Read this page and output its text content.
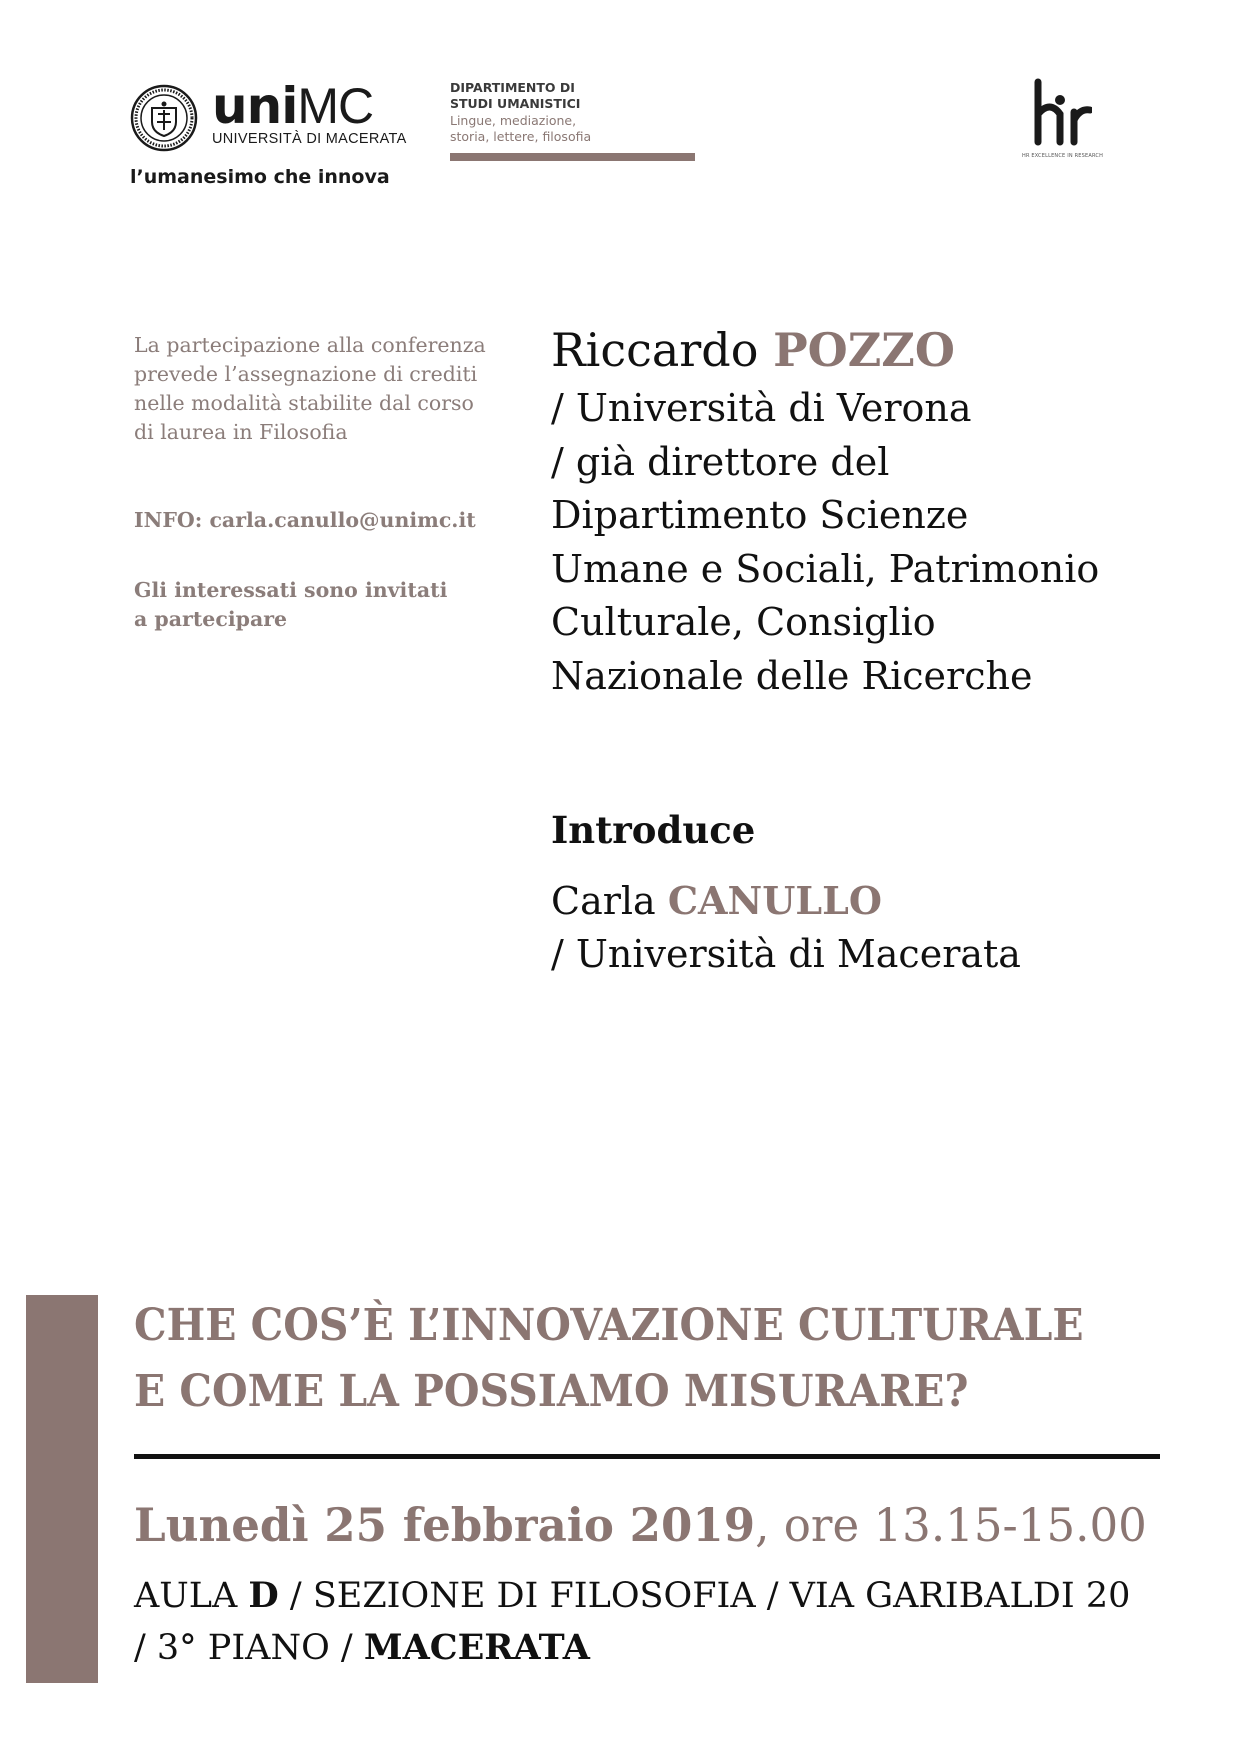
uniMC
UNIVERSITÀ DI MACERATA
l’umanesimo che innova
DIPARTIMENTO DI
STUDI UMANISTICI
Lingue, mediazione,
storia, lettere, filosofia
HR EXCELLENCE IN RESEARCH
La partecipazione alla conferenza prevede l’assegnazione di crediti nelle modalità stabilite dal corso di laurea in Filosofia
INFO: carla.canullo@unimc.it
Gli interessati sono invitati a partecipare
Riccardo POZZO
/ Università di Verona
/ già direttore del
Dipartimento Scienze
Umane e Sociali, Patrimonio
Culturale, Consiglio
Nazionale delle Ricerche
Introduce
Carla CANULLO
/ Università di Macerata
CHE COS’È L’INNOVAZIONE CULTURALE
E COME LA POSSIAMO MISURARE?
Lunedì 25 febbraio 2019, ore 13.15-15.00
AULA D / SEZIONE DI FILOSOFIA / VIA GARIBALDI 20
/ 3° PIANO / MACERATA
